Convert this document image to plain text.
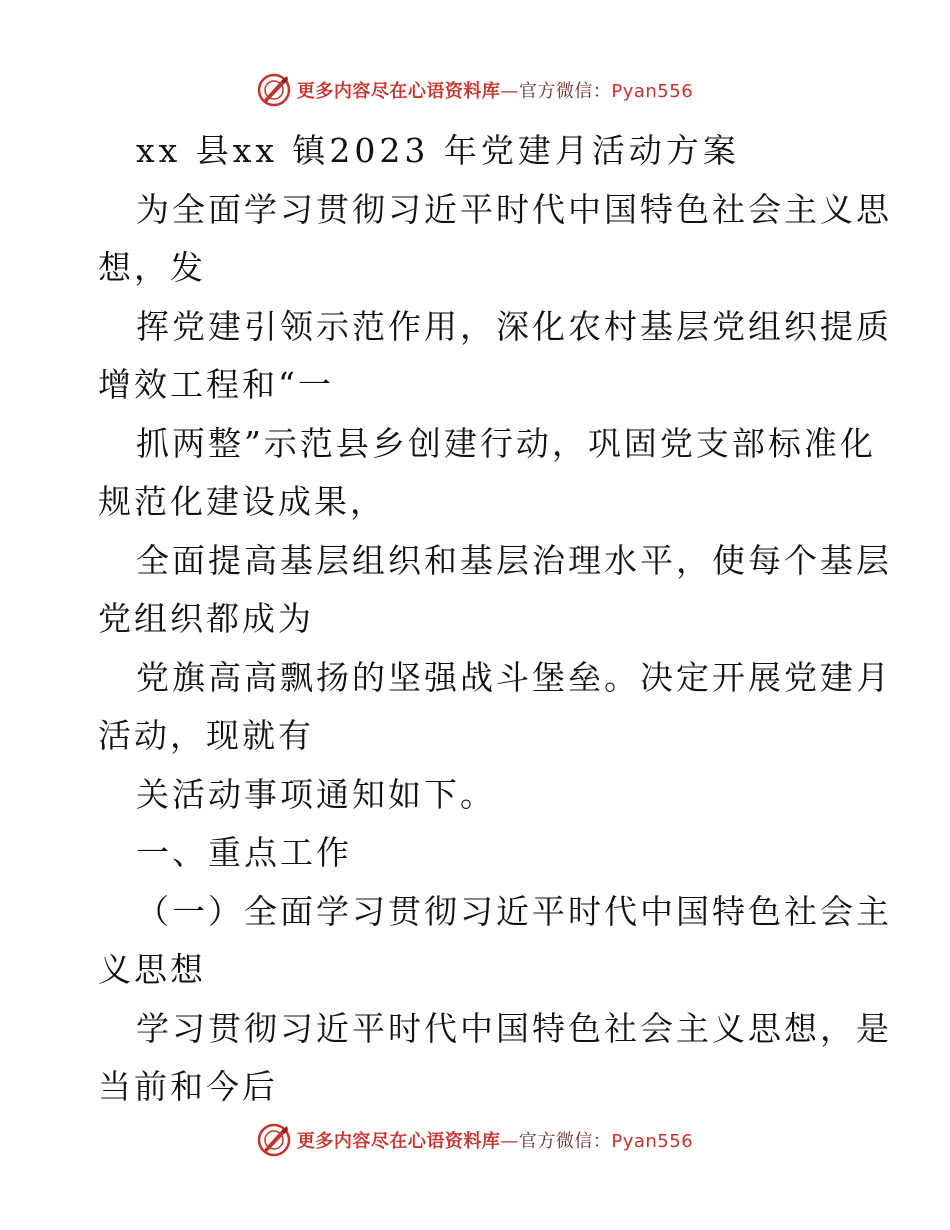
更多内容尽在心语资料库—官方微信：Pyan556
xx 县xx 镇2023 年党建月活动方案
为全面学习贯彻习近平时代中国特色社会主义思
想，发
挥党建引领示范作用，深化农村基层党组织提质
增效工程和“一
抓两整”示范县乡创建行动，巩固党支部标准化
规范化建设成果，
全面提高基层组织和基层治理水平，使每个基层
党组织都成为
党旗高高飘扬的坚强战斗堡垒。决定开展党建月
活动，现就有
关活动事项通知如下。
一、重点工作
（一）全面学习贯彻习近平时代中国特色社会主
义思想
学习贯彻习近平时代中国特色社会主义思想，是
当前和今后
更多内容尽在心语资料库—官方微信：Pyan556
